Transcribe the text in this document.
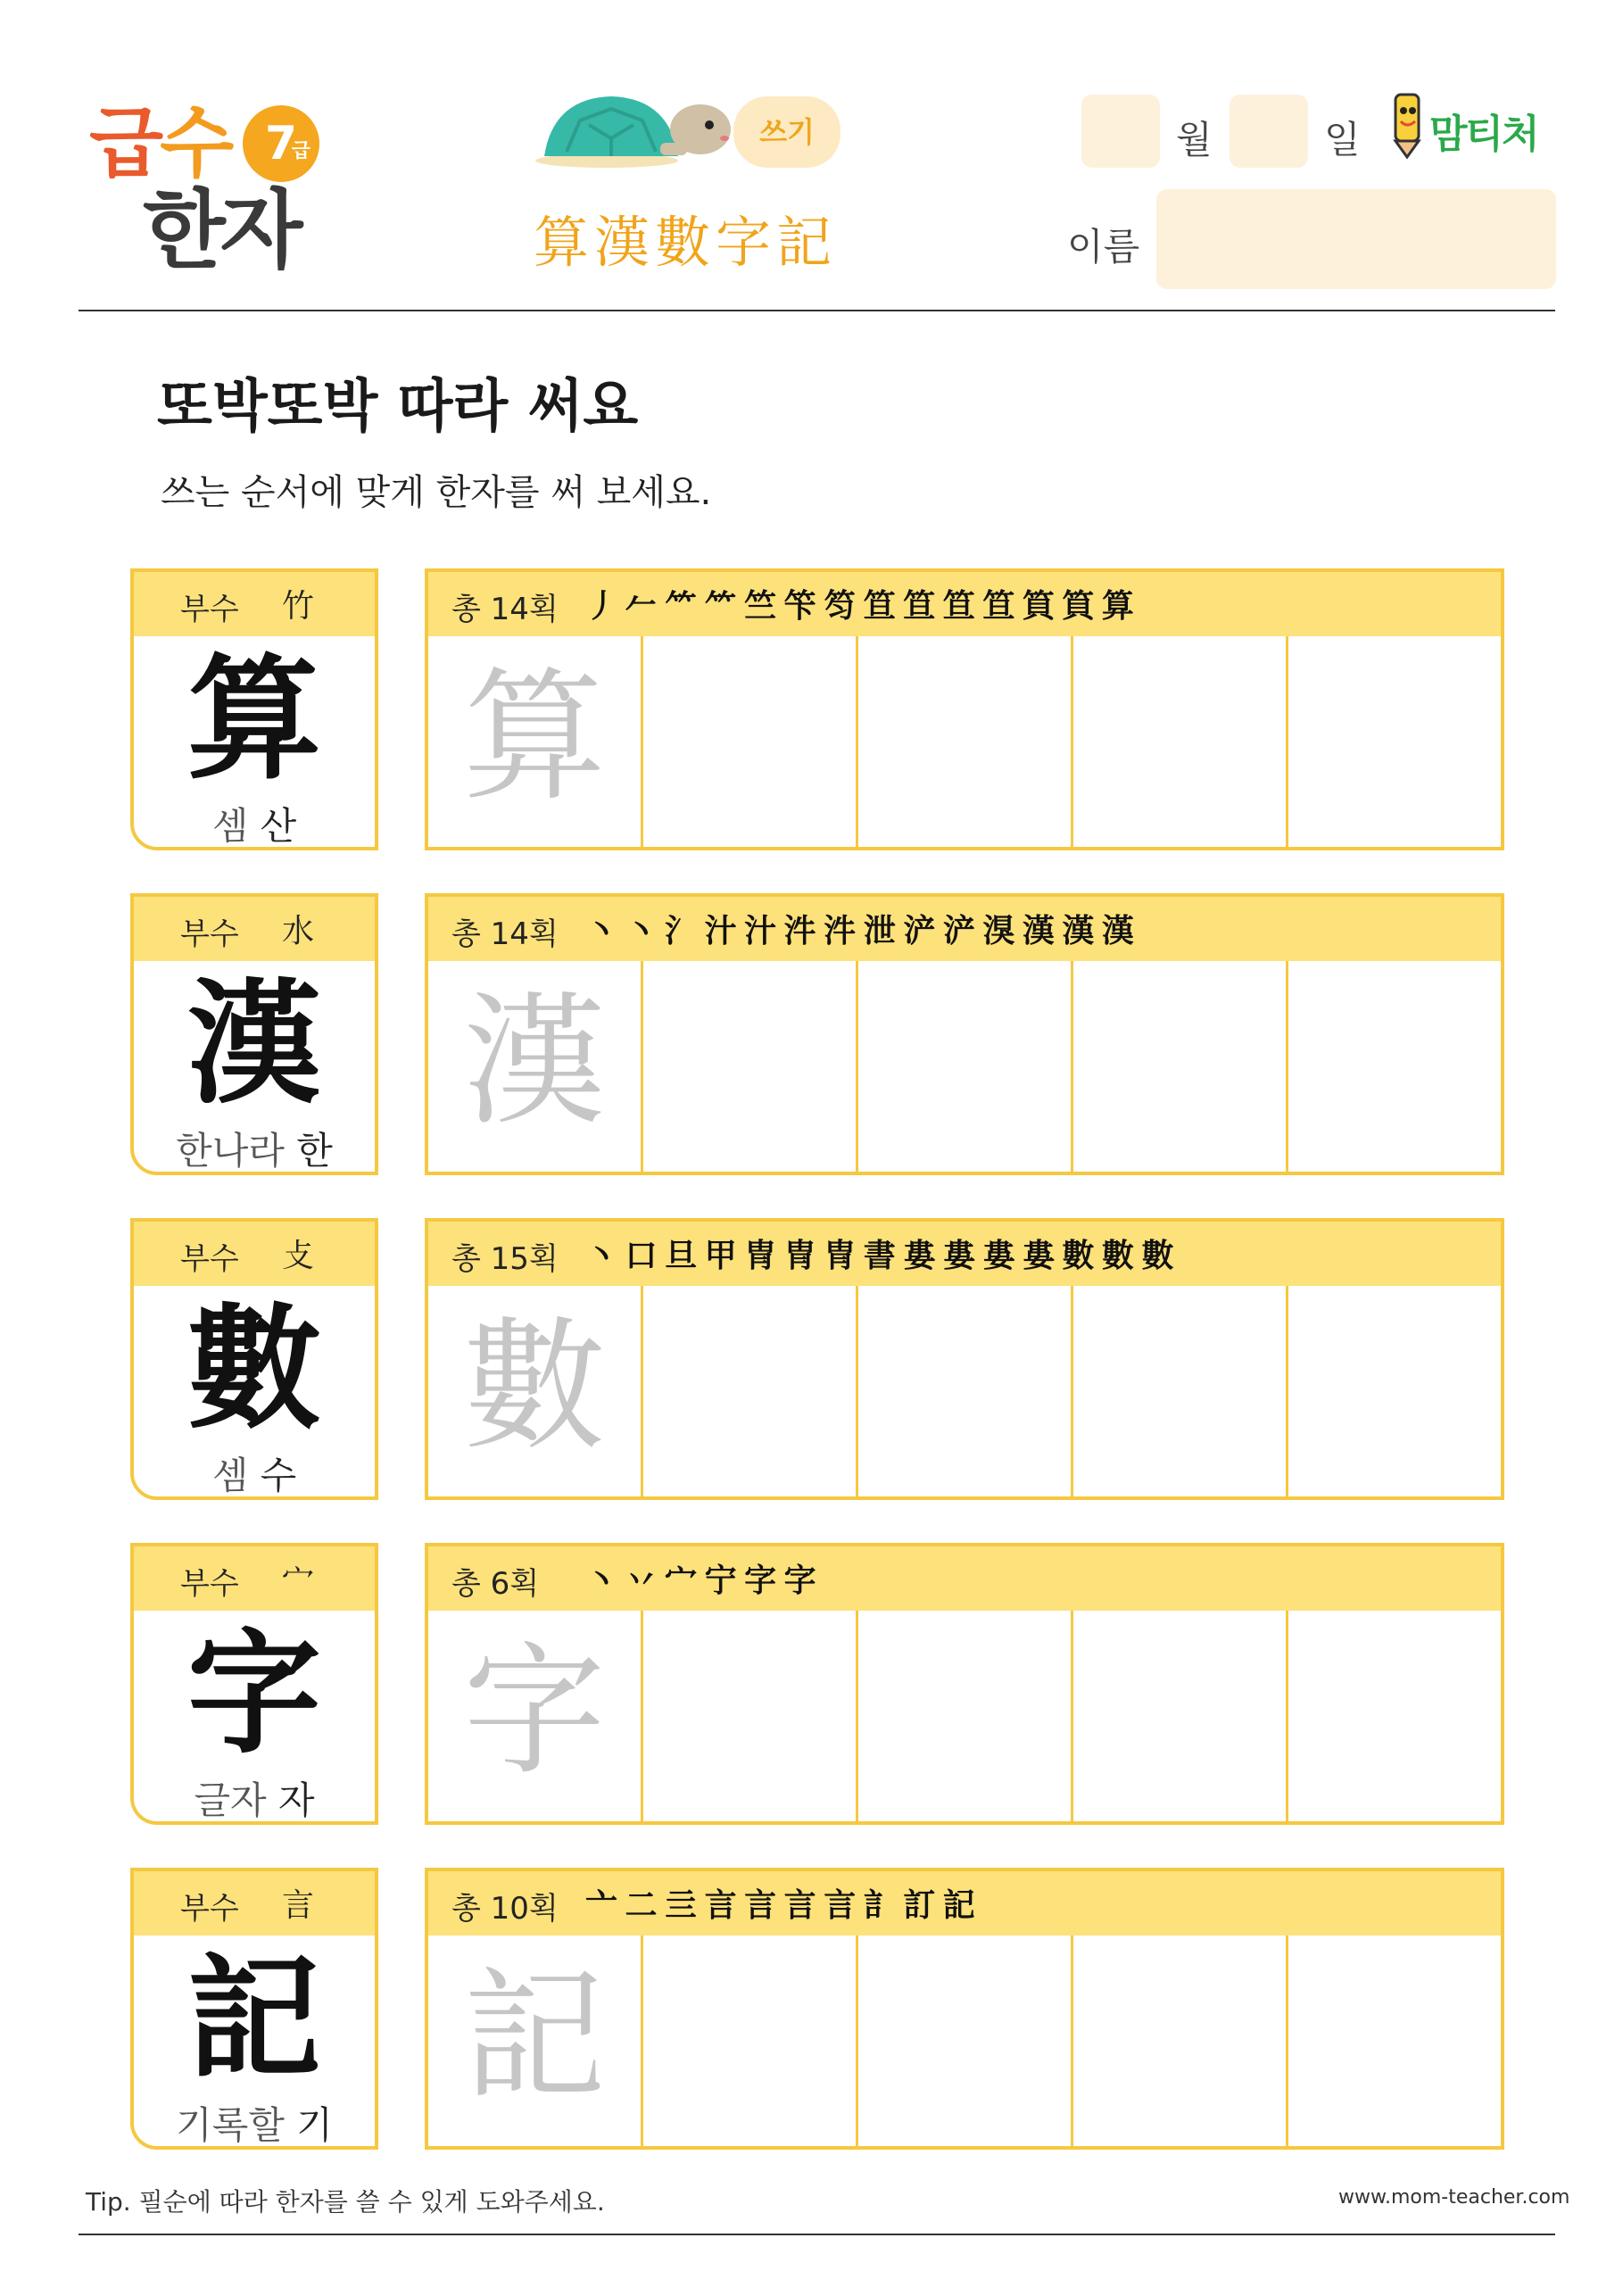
급수 7
급
한자
쓰기
算漢數字記
월	일
이름
맘티처
또박또박 따라 써요
쓰는 순서에 맞게 한자를 써 보세요.
부수 竹
算
셈 산
총 14획 丿 𠂉 ⺮ ⺮ 竺 笇 笉 笪 笪 笪 笪 筫 筫 算
算
부수 水
漢
한나라 한
총 14획 丶 丶 氵 汁 汁 汼 汼 泄 浐 浐 湨 漢 漢 漢
漢
부수 攴
數
셈 수
총 15획 丶 口 旦 甲 冑 冑 冑 書 婁 婁 婁 婁 數 數 數
數
부수 宀
字
글자 자
총 6획 丶 丷 宀 宁 字 字
字
부수 言
記
기록할 기
총 10획 亠 二 亖 言 言 言 言 訁 訂 記
記
Tip. 필순에 따라 한자를 쓸 수 있게 도와주세요.	www.mom-teacher.com
